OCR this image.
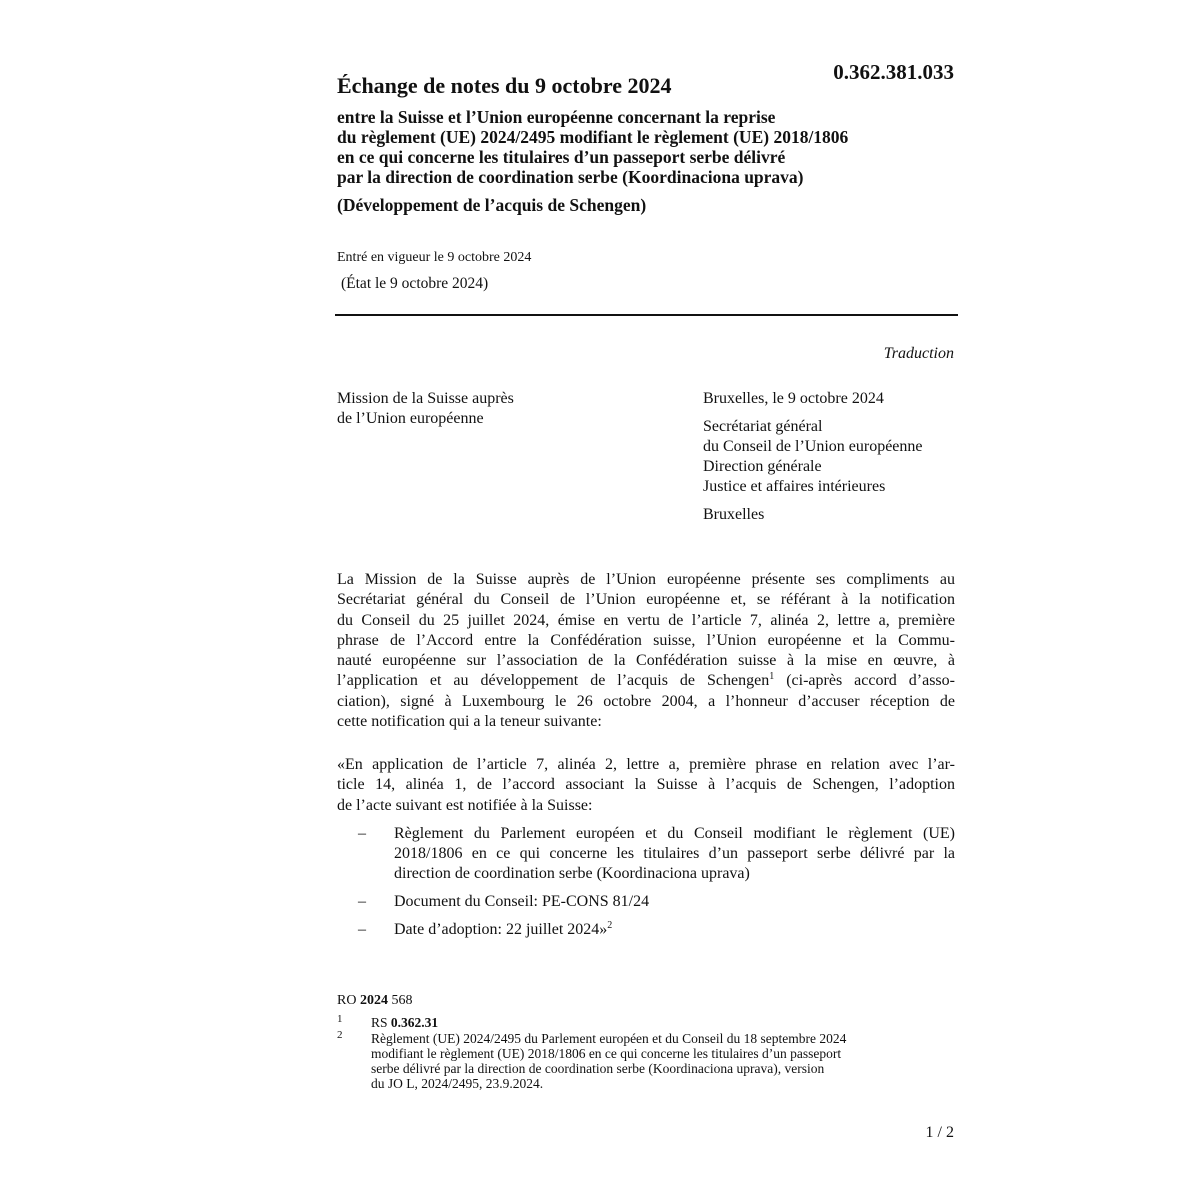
0.362.381.033
Échange de notes du 9 octobre 2024
entre la Suisse et l’Union européenne concernant la reprise
du règlement (UE) 2024/2495 modifiant le règlement (UE) 2018/1806
en ce qui concerne les titulaires d’un passeport serbe délivré
par la direction de coordination serbe (Koordinaciona uprava)
(Développement de l’acquis de Schengen)
Entré en vigueur le 9 octobre 2024
(État le 9 octobre 2024)
Traduction
Mission de la Suisse auprès
de l’Union européenne
Bruxelles, le 9 octobre 2024
Secrétariat général
du Conseil de l’Union européenne
Direction générale
Justice et affaires intérieures
Bruxelles
La Mission de la Suisse auprès de l’Union européenne présente ses compliments au
Secrétariat général du Conseil de l’Union européenne et, se référant à la notification
du Conseil du 25 juillet 2024, émise en vertu de l’article 7, alinéa 2, lettre a, première
phrase de l’Accord entre la Confédération suisse, l’Union européenne et la Commu-
nauté européenne sur l’association de la Confédération suisse à la mise en œuvre, à
l’application et au développement de l’acquis de Schengen$^1$ (ci-après accord d’asso-
ciation), signé à Luxembourg le 26 octobre 2004, a l’honneur d’accuser réception de
cette notification qui a la teneur suivante:
«En application de l’article 7, alinéa 2, lettre a, première phrase en relation avec l’ar-
ticle 14, alinéa 1, de l’accord associant la Suisse à l’acquis de Schengen, l’adoption
de l’acte suivant est notifiée à la Suisse:
– Règlement du Parlement européen et du Conseil modifiant le règlement (UE)
2018/1806 en ce qui concerne les titulaires d’un passeport serbe délivré par la
direction de coordination serbe (Koordinaciona uprava)
– Document du Conseil: PE-CONS 81/24
– Date d’adoption: 22 juillet 2024»$^2$
RO 2024 568
1 RS 0.362.31
2 Règlement (UE) 2024/2495 du Parlement européen et du Conseil du 18 septembre 2024
modifiant le règlement (UE) 2018/1806 en ce qui concerne les titulaires d’un passeport
serbe délivré par la direction de coordination serbe (Koordinaciona uprava), version
du JO L, 2024/2495, 23.9.2024.
1 / 2
